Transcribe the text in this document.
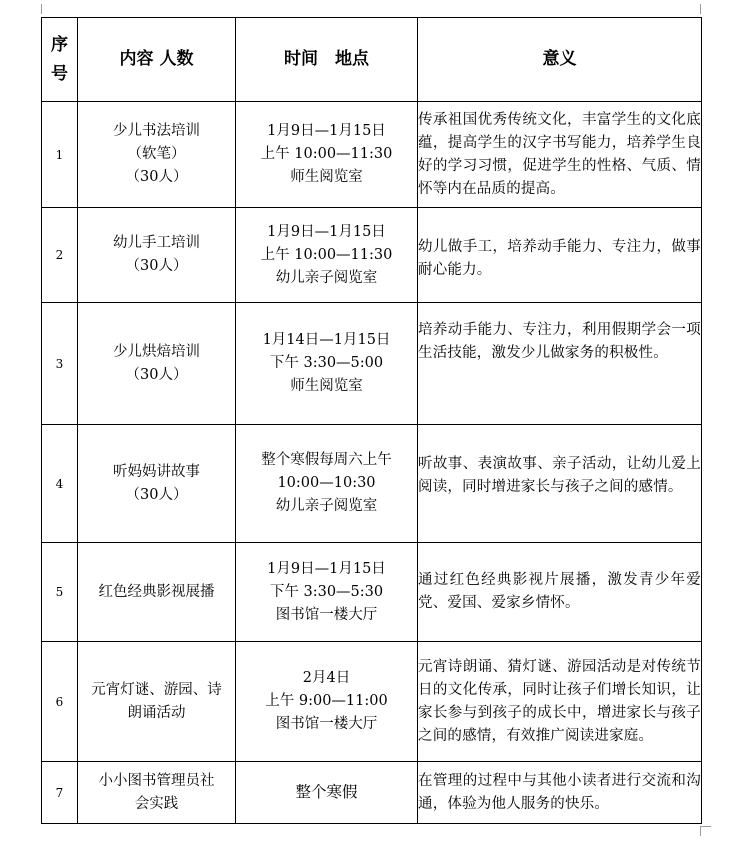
序
号	内容 人数	时间　地点	意义
1	少儿书法培训
（软笔）
（30人）	1月9日—1月15日
上午 10:00—11:30
师生阅览室	传承祖国优秀传统文化，丰富学生的文化底蕴，提高学生的汉字书写能力，培养学生良好的学习习惯，促进学生的性格、气质、情怀等内在品质的提高。
2	幼儿手工培训
（30人）	1月9日—1月15日
上午 10:00—11:30
幼儿亲子阅览室	幼儿做手工，培养动手能力、专注力，做事耐心能力。
3	少儿烘焙培训
（30人）	1月14日—1月15日
下午 3:30—5:00
师生阅览室	培养动手能力、专注力，利用假期学会一项生活技能，激发少儿做家务的积极性。
4	听妈妈讲故事
（30人）	整个寒假每周六上午
10:00—10:30
幼儿亲子阅览室	听故事、表演故事、亲子活动，让幼儿爱上阅读，同时增进家长与孩子之间的感情。
5	红色经典影视展播	1月9日—1月15日
下午 3:30—5:30
图书馆一楼大厅	通过红色经典影视片展播，激发青少年爱党、爱国、爱家乡情怀。
6	元宵灯谜、游园、诗
朗诵活动	2月4日
上午 9:00—11:00
图书馆一楼大厅	元宵诗朗诵、猜灯谜、游园活动是对传统节日的文化传承，同时让孩子们增长知识，让家长参与到孩子的成长中，增进家长与孩子之间的感情，有效推广阅读进家庭。
7	小小图书管理员社
会实践	整个寒假	在管理的过程中与其他小读者进行交流和沟通，体验为他人服务的快乐。
